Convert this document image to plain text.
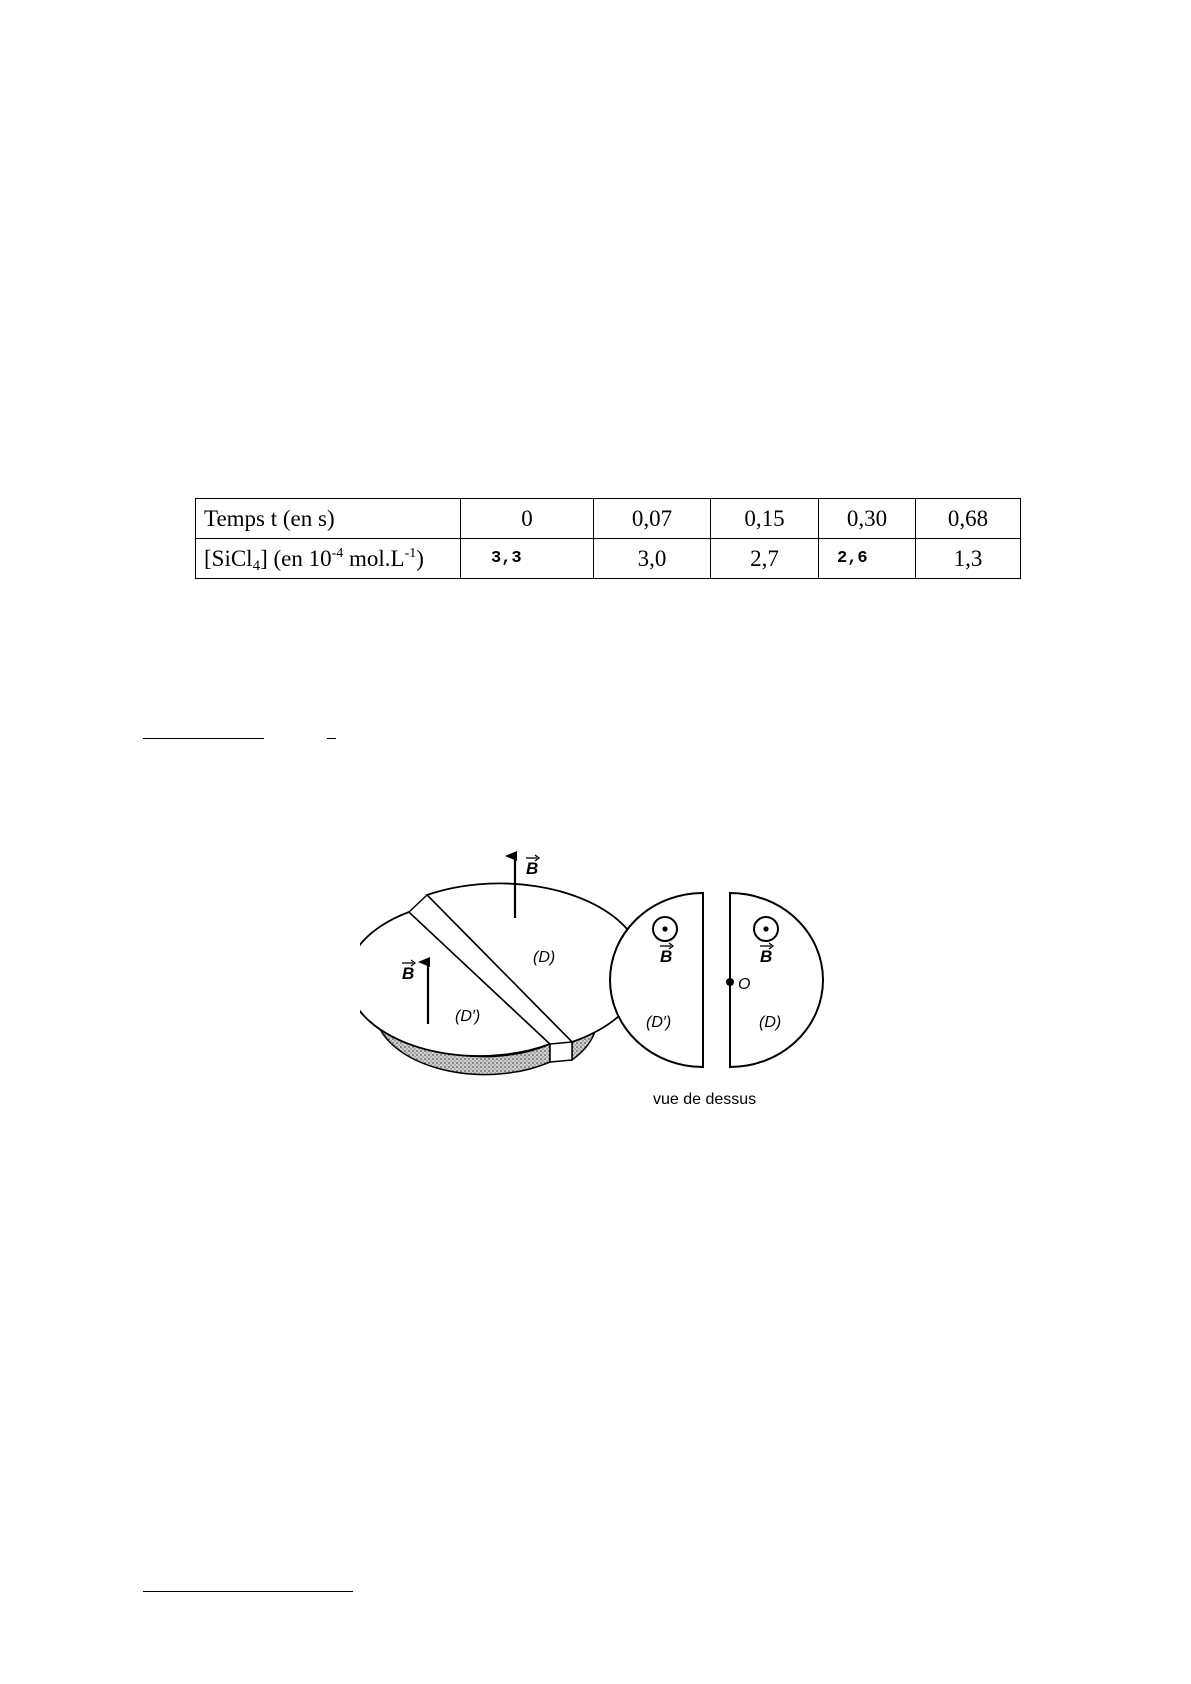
Temps t (en s)	0	0,07	0,15	0,30	0,68
[SiCl$_4$] (en $10^{-4}$ $mol.L^{-1}$)	3,3	3,0	2,7	2,6	1,3
B
B
(D)
(D′)
B	B
O
(D′)	(D)
vue de dessus
